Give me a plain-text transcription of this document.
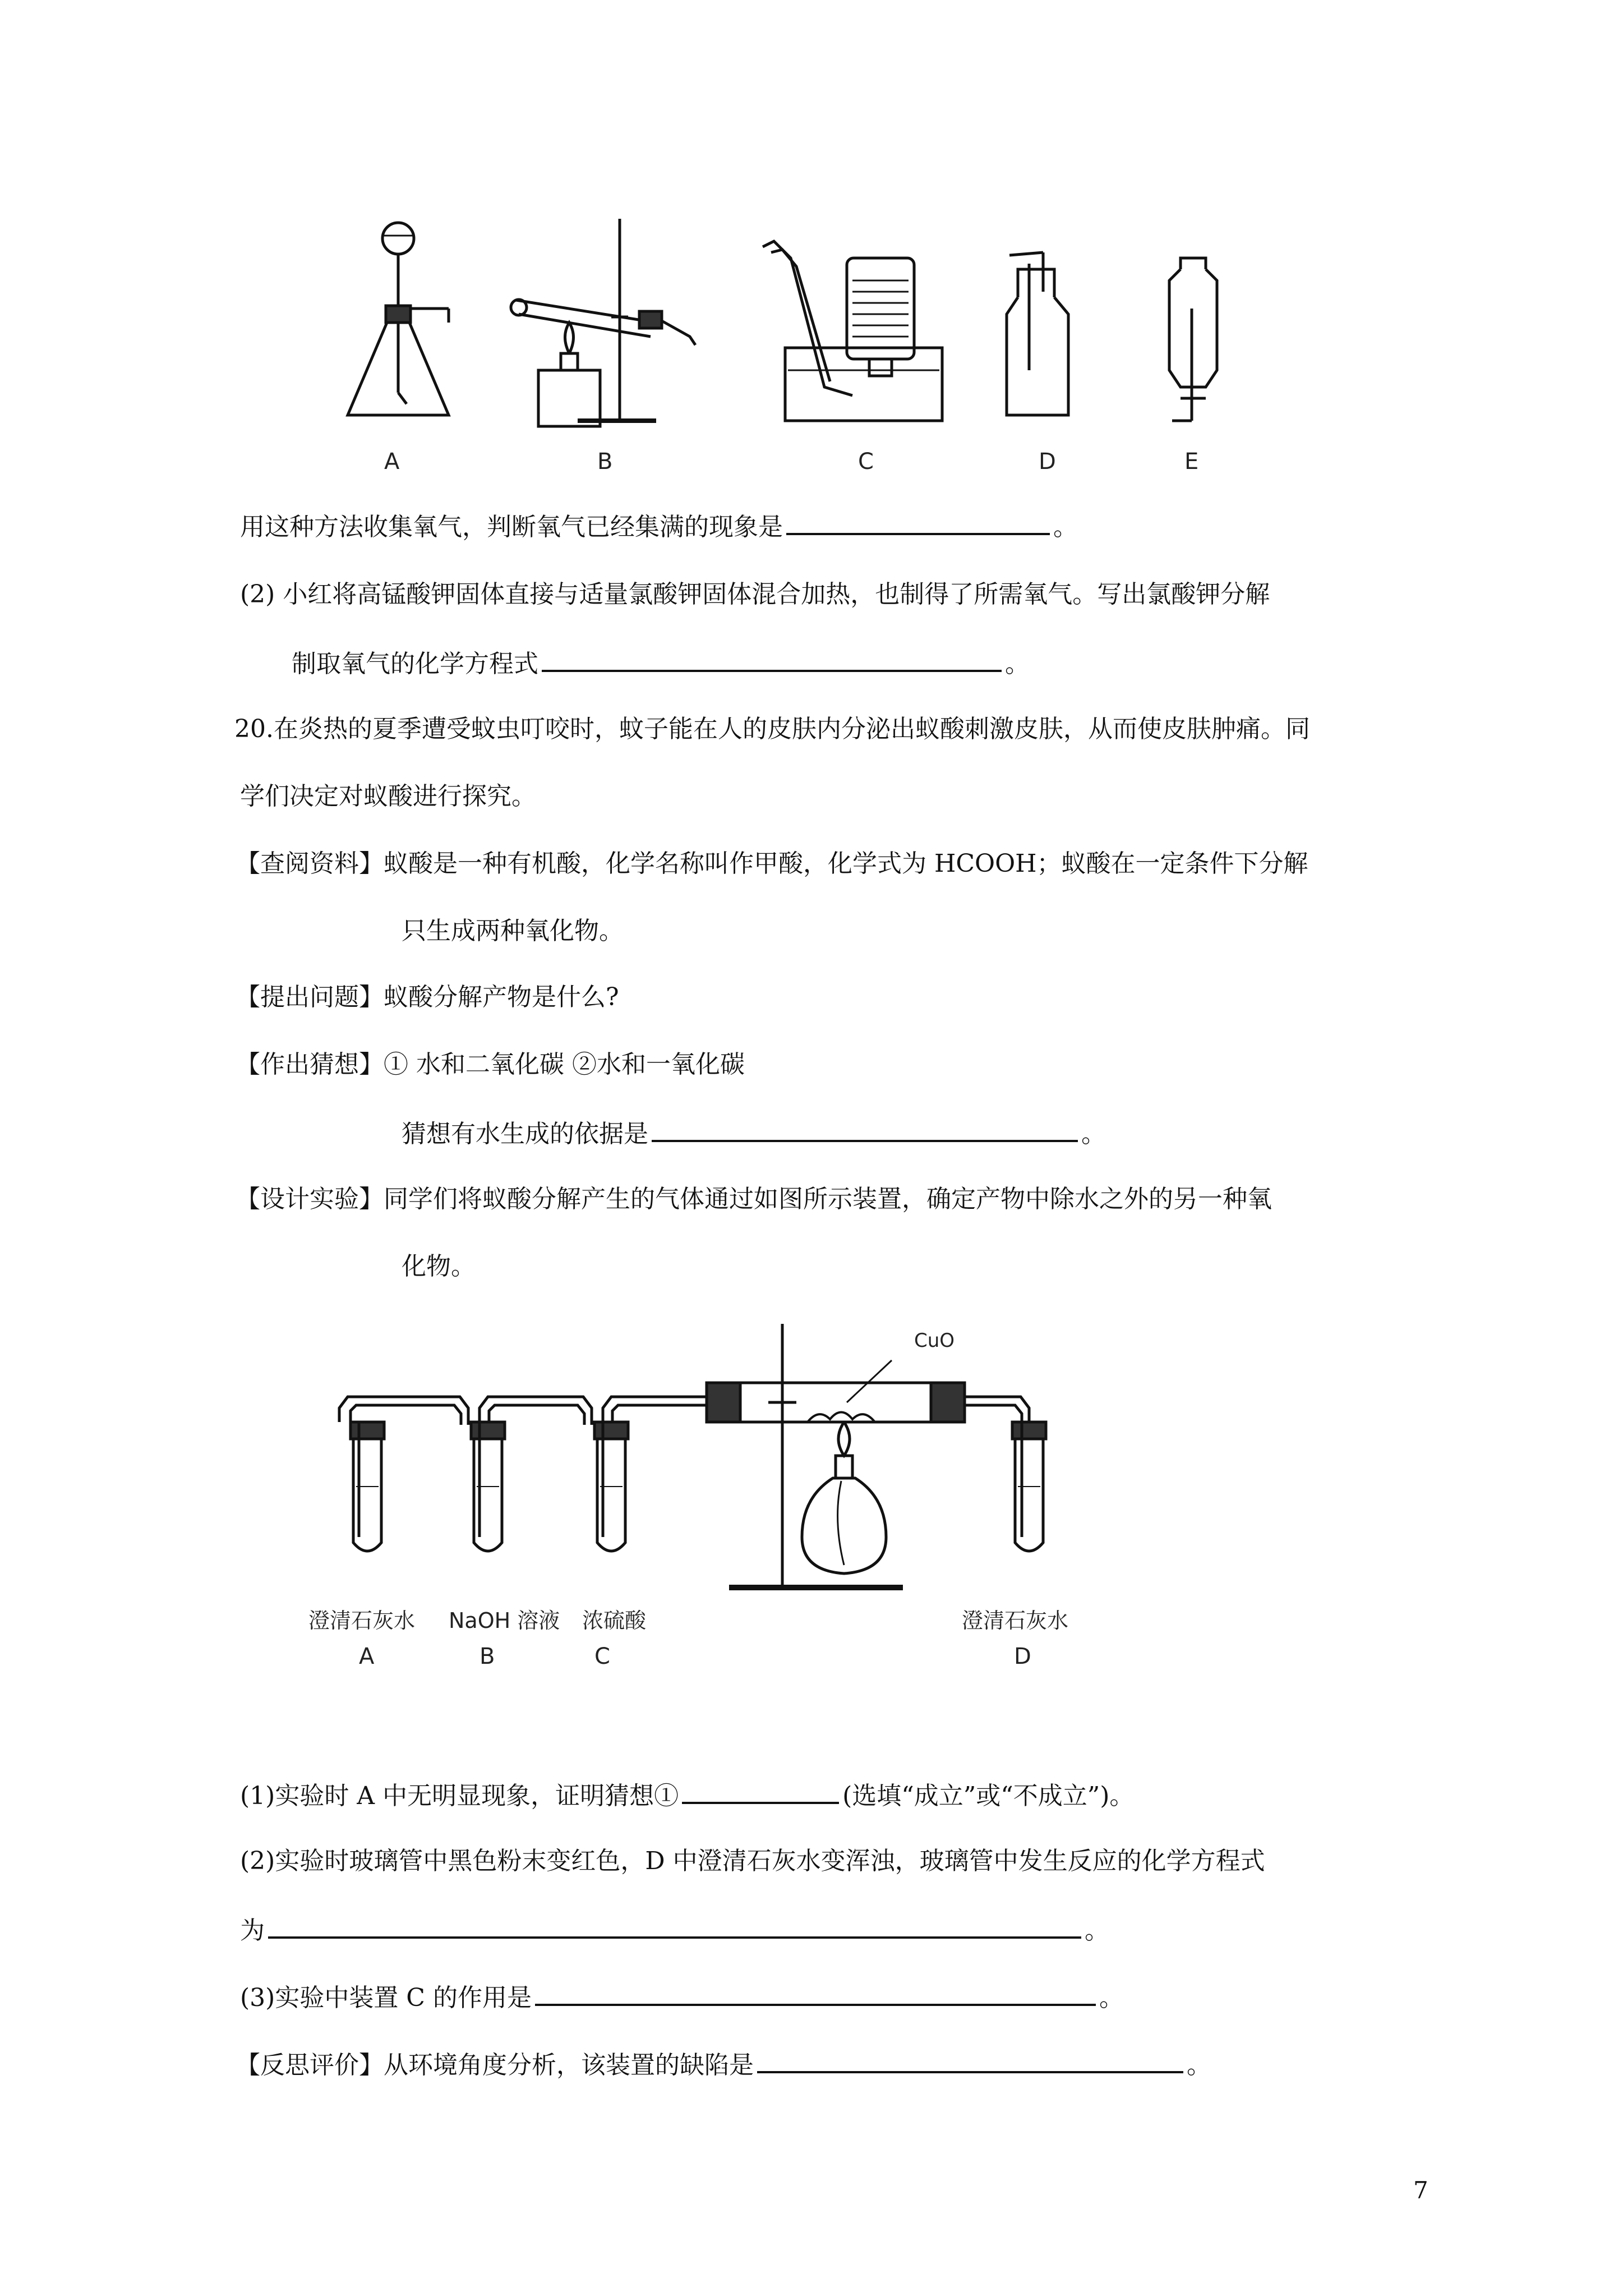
A	B	C	D	E
用这种方法收集氧气，判断氧气已经集满的现象是	。
(2) 小红将高锰酸钾固体直接与适量氯酸钾固体混合加热，也制得了所需氧气。写出氯酸钾分解
制取氧气的化学方程式	。
20.在炎热的夏季遭受蚊虫叮咬时，蚊子能在人的皮肤内分泌出蚁酸刺激皮肤，从而使皮肤肿痛。同
学们决定对蚁酸进行探究。
【查阅资料】蚁酸是一种有机酸，化学名称叫作甲酸，化学式为 HCOOH；蚁酸在一定条件下分解
只生成两种氧化物。
【提出问题】蚁酸分解产物是什么?
【作出猜想】① 水和二氧化碳 ②水和一氧化碳
猜想有水生成的依据是	。
【设计实验】同学们将蚁酸分解产生的气体通过如图所示装置，确定产物中除水之外的另一种氧
化物。
CuO
澄清石灰水 NaOH 溶液 浓硫酸	澄清石灰水
A	B	C	D
(1)实验时 A 中无明显现象，证明猜想①	(选填“成立”或“不成立”)。
(2)实验时玻璃管中黑色粉末变红色，D 中澄清石灰水变浑浊，玻璃管中发生反应的化学方程式
为	。
(3)实验中装置 C 的作用是	。
【反思评价】从环境角度分析，该装置的缺陷是	。
7
